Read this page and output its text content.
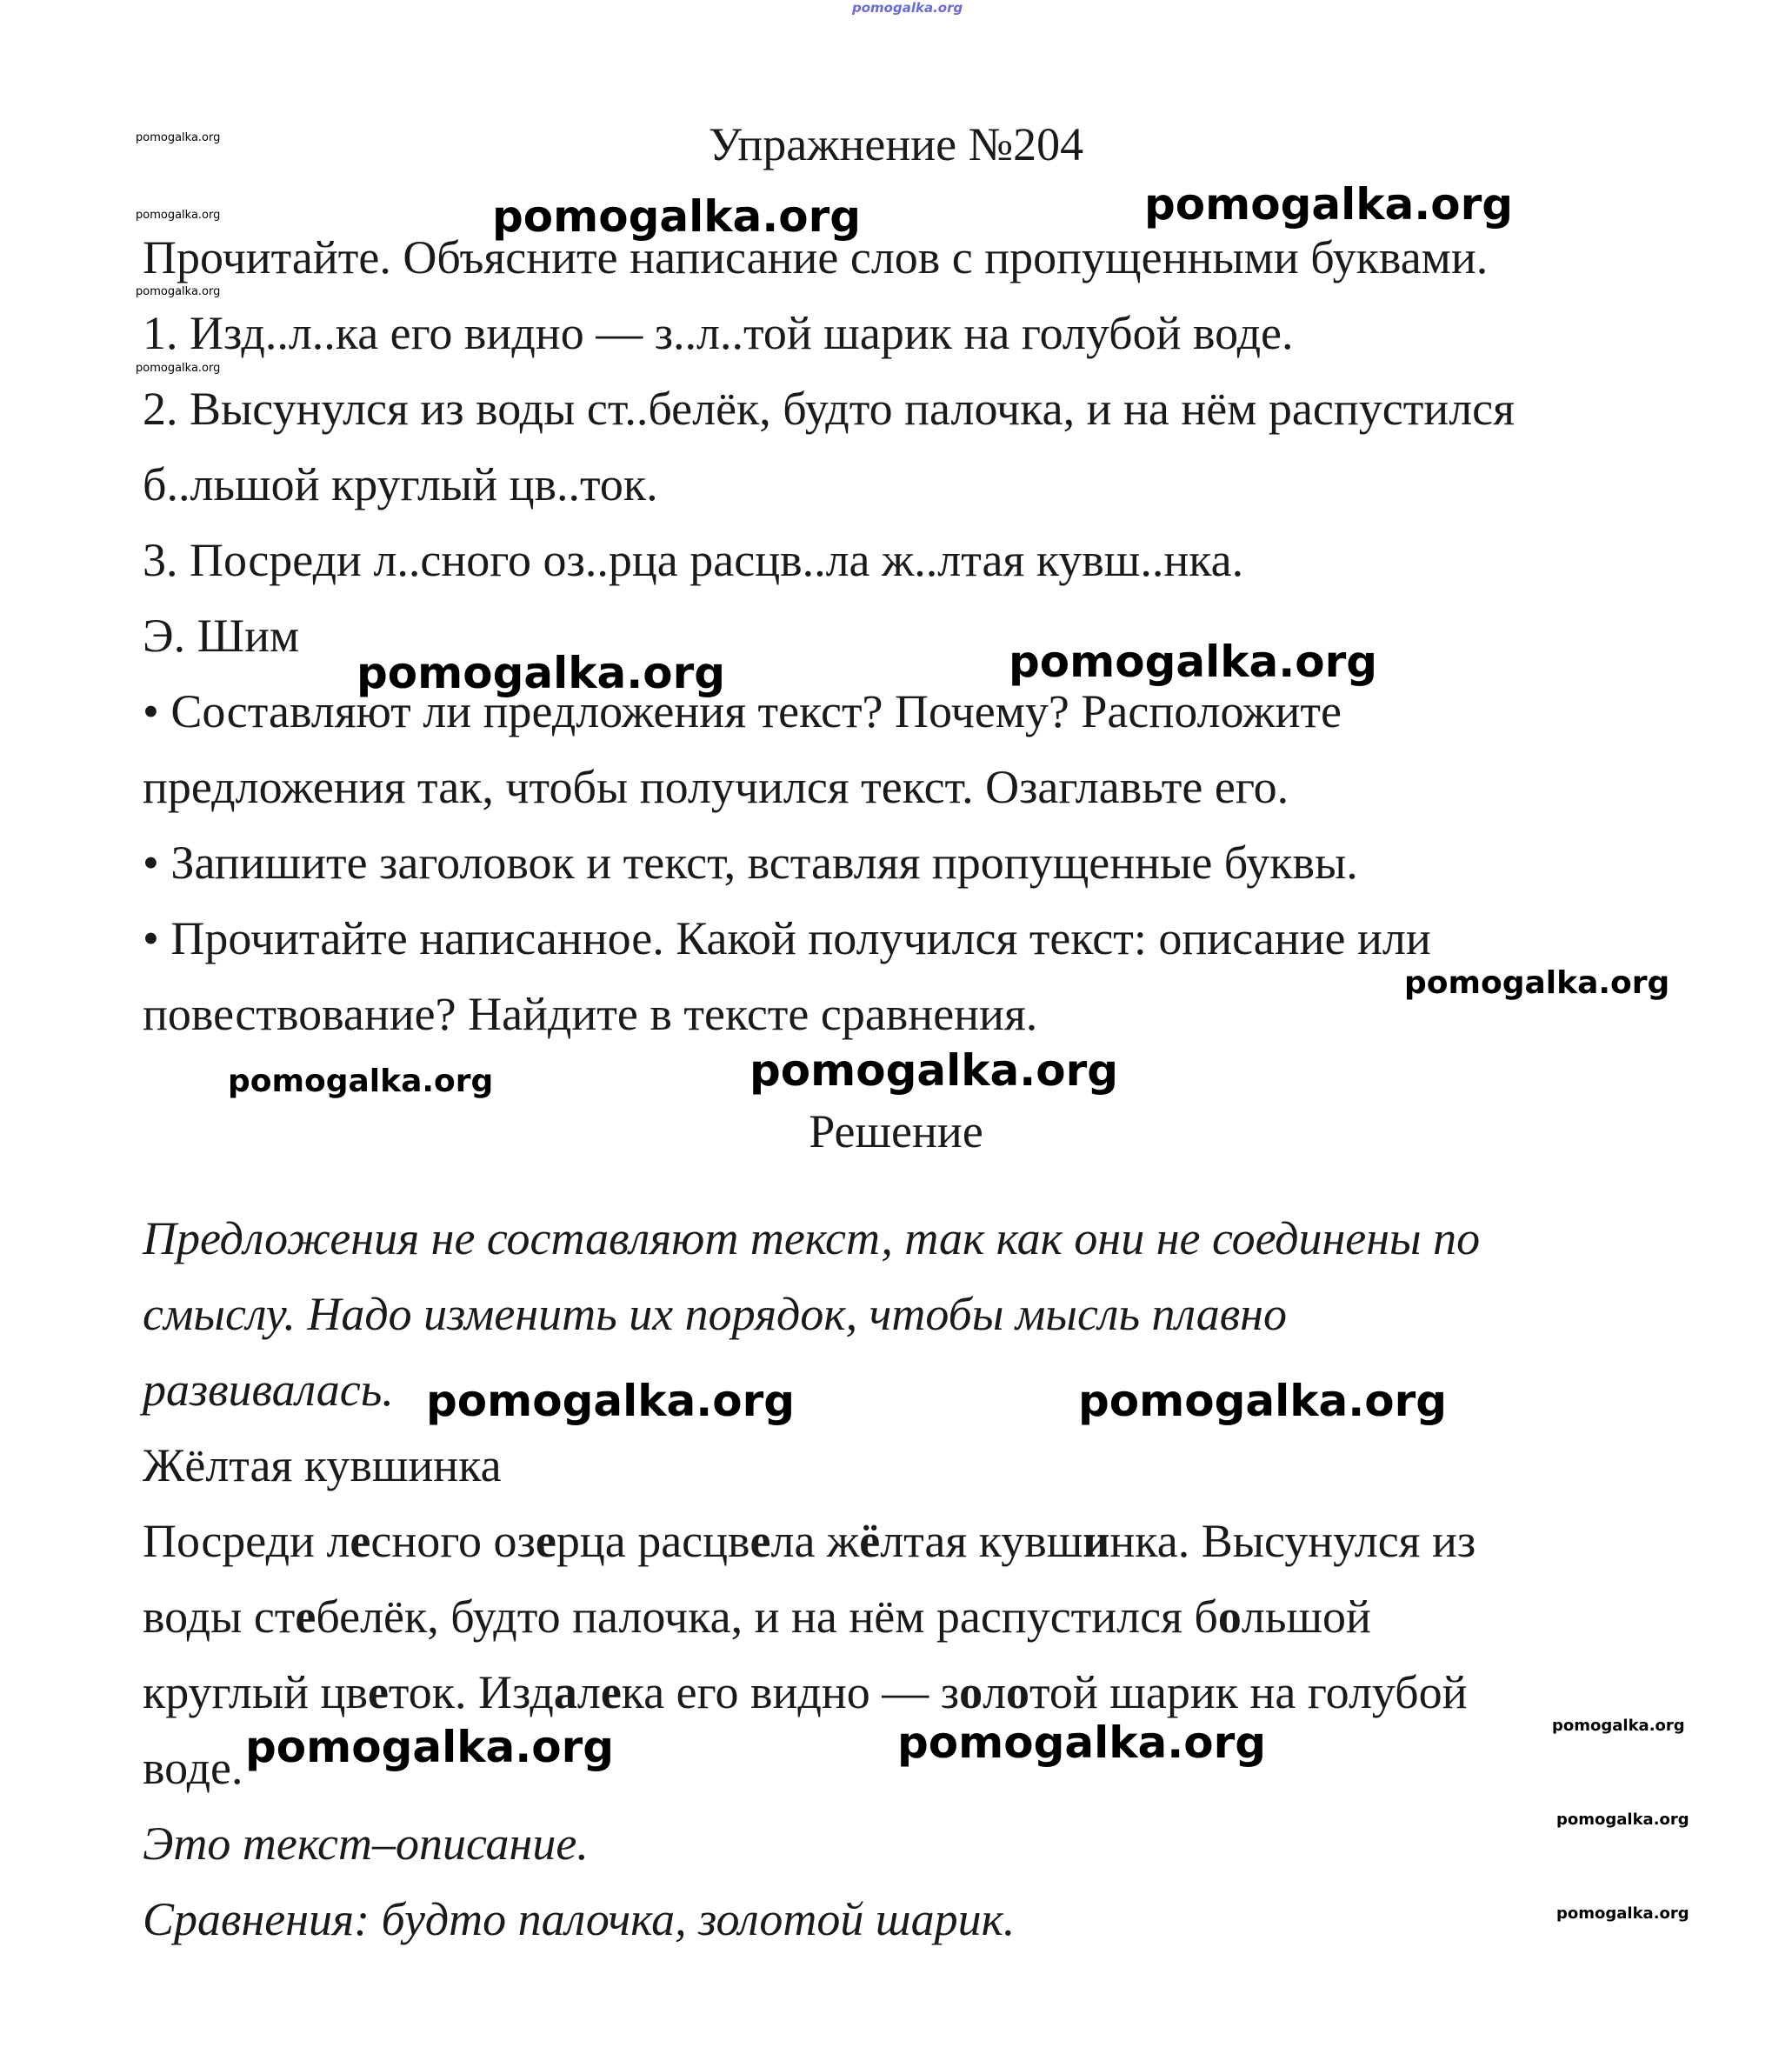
pomogalka.org
Упражнение №204
Прочитайте. Объясните написание слов с пропущенными буквами.
1. Изд..л..ка его видно — з..л..той шарик на голубой воде.
2. Высунулся из воды ст..белёк, будто палочка, и на нём распустился
б..льшой круглый цв..ток.
3. Посреди л..сного оз..рца расцв..ла ж..лтая кувш..нка.
Э. Шим
• Составляют ли предложения текст? Почему? Расположите
предложения так, чтобы получился текст. Озаглавьте его.
• Запишите заголовок и текст, вставляя пропущенные буквы.
• Прочитайте написанное. Какой получился текст: описание или
повествование? Найдите в тексте сравнения.
Решение
Предложения не составляют текст, так как они не соединены по
смыслу. Надо изменить их порядок, чтобы мысль плавно
развивалась.
Жёлтая кувшинка
Посреди лесного озерца расцвела жёлтая кувшинка. Высунулся из
воды стебелёк, будто палочка, и на нём распустился большой
круглый цветок. Издалека его видно — золотой шарик на голубой
воде.
Это текст–описание.
Сравнения: будто палочка, золотой шарик.
pomogalka.org
pomogalka.org
pomogalka.org
pomogalka.org
pomogalka.org	pomogalka.org
pomogalka.org	pomogalka.org
pomogalka.org
pomogalka.org	pomogalka.org
pomogalka.org	pomogalka.org
pomogalka.org	pomogalka.org	pomogalka.org
pomogalka.org
pomogalka.org
